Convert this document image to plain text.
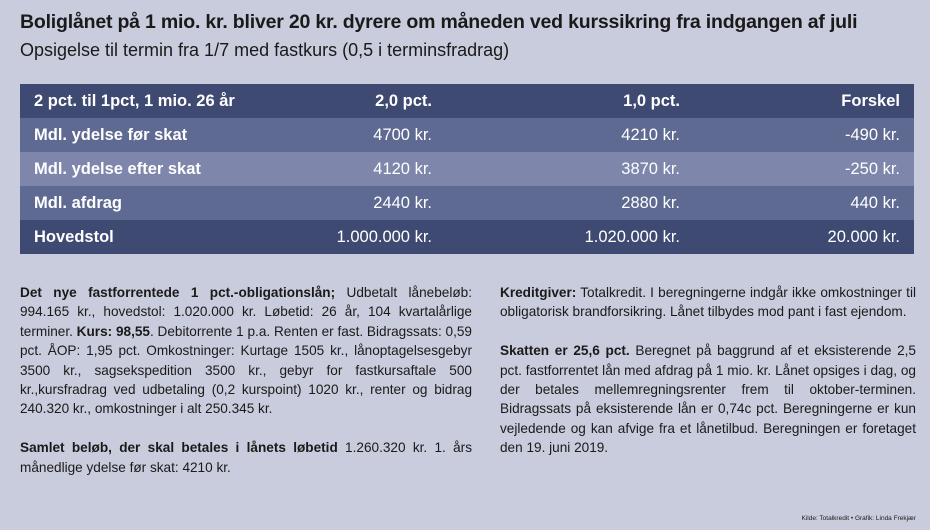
Boliglånet på 1 mio. kr. bliver 20 kr. dyrere om måneden ved kurssikring fra indgangen af juli
Opsigelse til termin fra 1/7 med fastkurs (0,5 i terminsfradrag)
2 pct. til 1pct, 1 mio. 26 år	2,0 pct.	1,0 pct.	Forskel
Mdl. ydelse før skat	4700 kr.	4210 kr.	-490 kr.
Mdl. ydelse efter skat	4120 kr.	3870 kr.	-250 kr.
Mdl. afdrag	2440 kr.	2880 kr.	440 kr.
Hovedstol	1.000.000 kr.	1.020.000 kr.	20.000 kr.

Det nye fastforrentede 1 pct.-obligationslån; Udbetalt lånebeløb: 994.165 kr., hovedstol: 1.020.000 kr. Løbetid: 26 år, 104 kvartalårlige terminer. Kurs: 98,55. Debitorrente 1 p.a. Renten er fast. Bidragssats: 0,59 pct. ÅOP: 1,95 pct. Omkostninger: Kurtage 1505 kr., lånoptagelsesgebyr 3500 kr., sagsekspedition 3500 kr., gebyr for fastkursaftale 500 kr.,kursfradrag ved udbetaling (0,2 kurspoint) 1020 kr., renter og bidrag 240.320 kr., omkostninger i alt 250.345 kr.

Samlet beløb, der skal betales i lånets løbetid 1.260.320 kr. 1. års månedlige ydelse før skat: 4210 kr.

Kreditgiver: Totalkredit. I beregningerne indgår ikke omkostninger til obligatorisk brandforsikring. Lånet tilbydes mod pant i fast ejendom.

Skatten er 25,6 pct. Beregnet på baggrund af et eksisterende 2,5 pct. fastforrentet lån med afdrag på 1 mio. kr. Lånet opsiges i dag, og der betales mellemregningsrenter frem til oktober-terminen. Bidragssats på eksisterende lån er 0,74c pct. Beregningerne er kun vejledende og kan afvige fra et lånetilbud. Beregningen er foretaget den 19. juni 2019.

Kilde: Totalkredit • Grafik: Linda Frekjær
